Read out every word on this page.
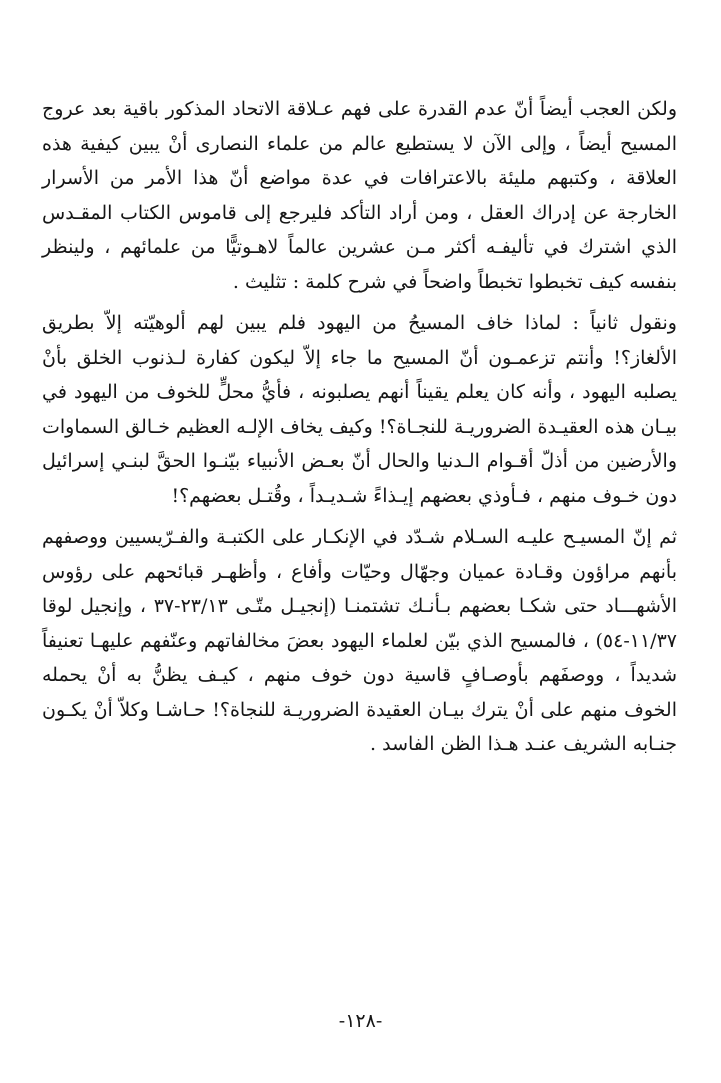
ولكن العجب أيضاً أنّ عدم القدرة على فهم عـلاقة الاتحاد المذكور باقية بعد عروج المسيح أيضاً ، وإلى الآن لا يستطيع عالم من علماء النصارى أنْ يبين كيفية هذه العلاقة ، وكتبهم مليئة بالاعترافات في عدة مواضع أنّ هذا الأمر من الأسرار الخارجة عن إدراك العقل ، ومن أراد التأكد فليرجع إلى قاموس الكتاب المقـدس الذي اشترك في تأليفـه أكثر مـن عشرين عالماً لاهـوتيًّا من علمائهم ، ولينظر بنفسه كيف تخبطوا تخبطاً واضحاً في شرح كلمة : تثليث .

ونقول ثانياً : لماذا خاف المسيحُ من اليهود فلم يبين لهم ألوهيّته إلاّ بطريق الألغاز؟! وأنتم تزعمـون أنّ المسيح ما جاء إلاّ ليكون كفارة لـذنوب الخلق بأنْ يصلبه اليهود ، وأنه كان يعلم يقيناً أنهم يصلبونه ، فأيُّ محلٍّ للخوف من اليهود في بيـان هذه العقيـدة الضروريـة للنجـاة؟! وكيف يخاف الإلـه العظيم خـالق السماوات والأرضين من أذلّ أقـوام الـدنيا والحال أنّ بعـض الأنبياء بيّنـوا الحقَّ لبنـي إسرائيل دون خـوف منهم ، فـأوذي بعضهم إيـذاءً شـديـداً ، وقُتـل بعضهم؟!

ثم إنّ المسيـح عليـه السـلام شـدّد في الإنكـار على الكتبـة والفـرّيسيين ووصفهم بأنهم مراؤون وقـادة عميان وجهّال وحيّات وأفاع ، وأظهـر قبائحهم على رؤوس الأشهـــاد حتى شكـا بعضهم بـأنـك تشتمنـا (إنجيـل متّـى ٢٣/١٣-٣٧ ، وإنجيل لوقا ١١/٣٧-٥٤) ، فالمسيح الذي بيّن لعلماء اليهود بعضَ مخالفاتهم وعنّفهم عليهـا تعنيفاً شديداً ، ووصفَهم بأوصـافٍ قاسية دون خوف منهم ، كيـف يظنُّ به أنْ يحمله الخوف منهم على أنْ يترك بيـان العقيدة الضروريـة للنجاة؟! حـاشـا وكلاّ أنْ يكـون جنـابه الشريف عنـد هـذا الظن الفاسد .

-١٢٨-
